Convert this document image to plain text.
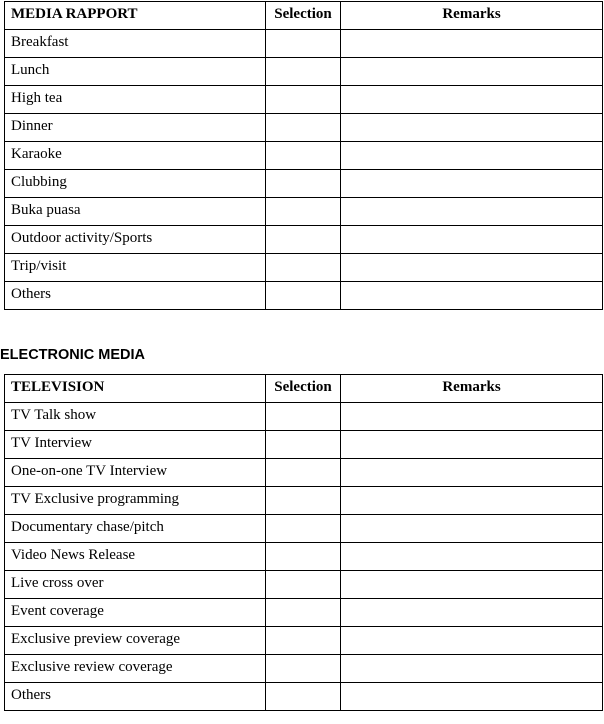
MEDIA RAPPORT	Selection	Remarks
Breakfast		
Lunch		
High tea		
Dinner		
Karaoke		
Clubbing		
Buka puasa		
Outdoor activity/Sports		
Trip/visit		
Others		
ELECTRONIC MEDIA
TELEVISION	Selection	Remarks
TV Talk show		
TV Interview		
One-on-one TV Interview		
TV Exclusive programming		
Documentary chase/pitch		
Video News Release		
Live cross over		
Event coverage		
Exclusive preview coverage		
Exclusive review coverage		
Others		
